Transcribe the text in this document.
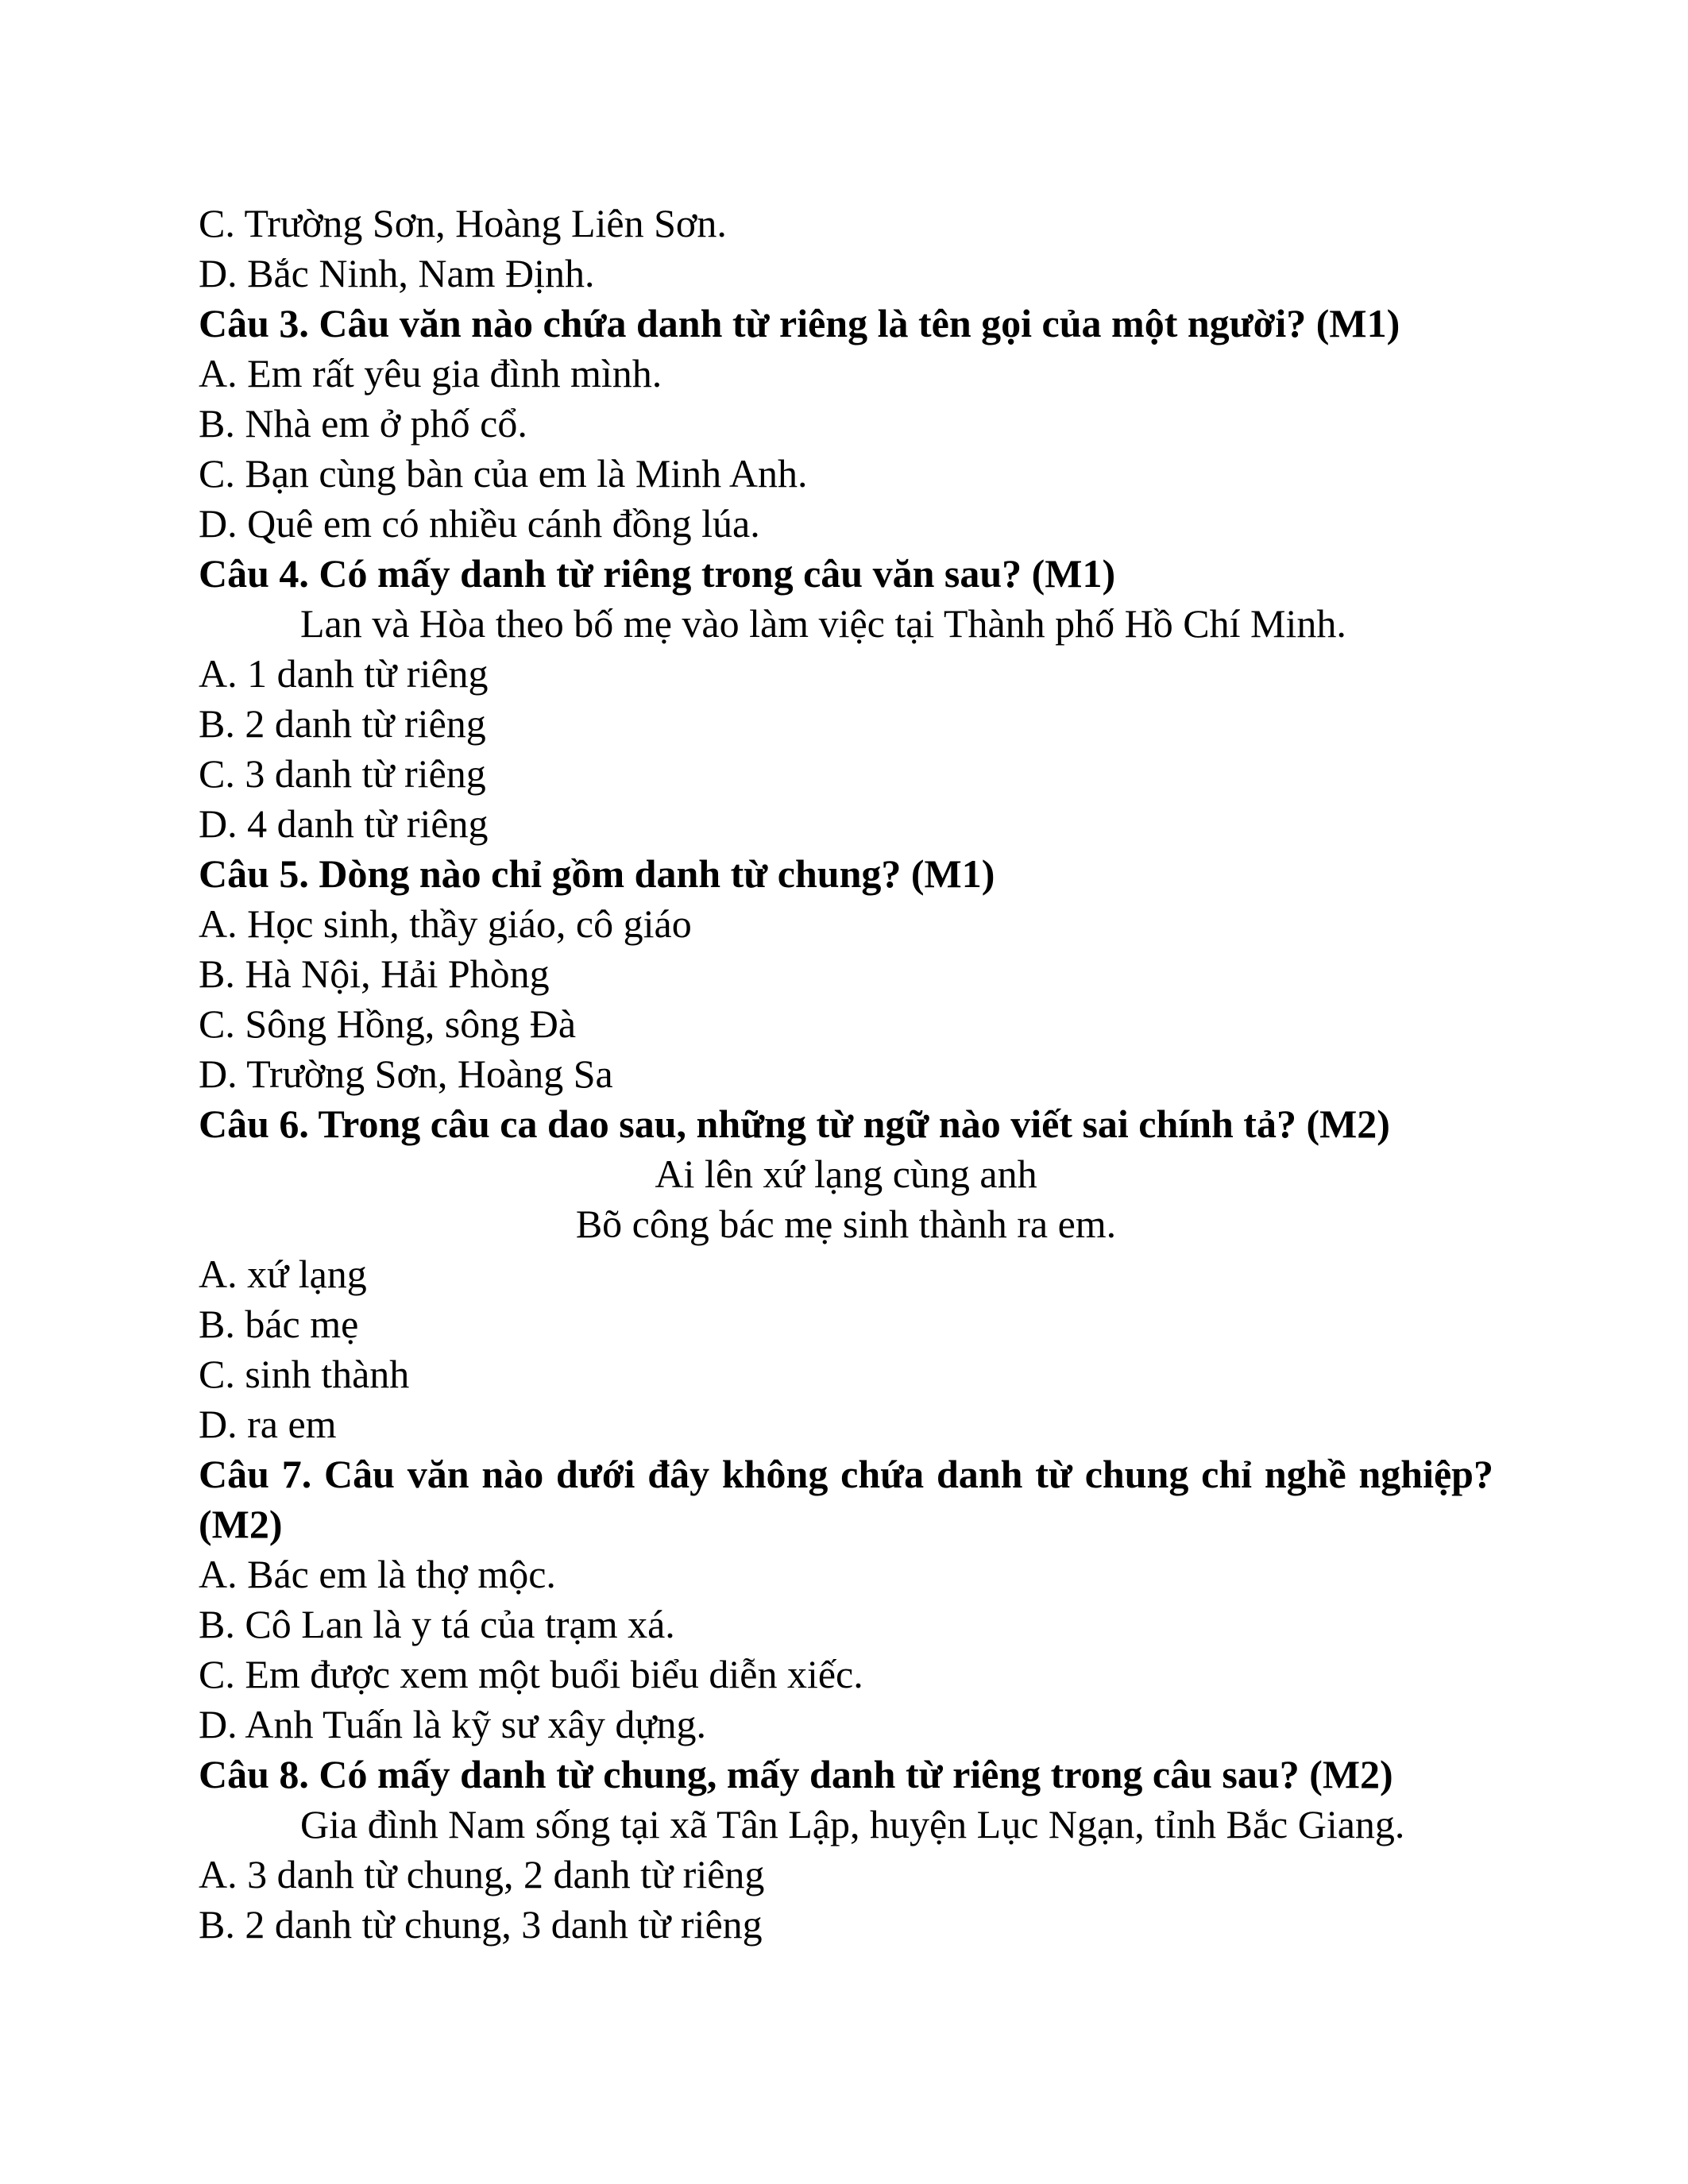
C. Trường Sơn, Hoàng Liên Sơn.

D. Bắc Ninh, Nam Định.

Câu 3. Câu văn nào chứa danh từ riêng là tên gọi của một người? (M1)

A. Em rất yêu gia đình mình.

B. Nhà em ở phố cổ.

C. Bạn cùng bàn của em là Minh Anh.

D. Quê em có nhiều cánh đồng lúa.

Câu 4. Có mấy danh từ riêng trong câu văn sau? (M1)

Lan và Hòa theo bố mẹ vào làm việc tại Thành phố Hồ Chí Minh.

A. 1 danh từ riêng

B. 2 danh từ riêng

C. 3 danh từ riêng

D. 4 danh từ riêng

Câu 5. Dòng nào chỉ gồm danh từ chung? (M1)

A. Học sinh, thầy giáo, cô giáo

B. Hà Nội, Hải Phòng

C. Sông Hồng, sông Đà

D. Trường Sơn, Hoàng Sa

Câu 6. Trong câu ca dao sau, những từ ngữ nào viết sai chính tả? (M2)

Ai lên xứ lạng cùng anh

Bõ công bác mẹ sinh thành ra em.

A. xứ lạng

B. bác mẹ

C. sinh thành

D. ra em

Câu 7. Câu văn nào dưới đây không chứa danh từ chung chỉ nghề nghiệp?

(M2)

A. Bác em là thợ mộc.

B. Cô Lan là y tá của trạm xá.

C. Em được xem một buổi biểu diễn xiếc.

D. Anh Tuấn là kỹ sư xây dựng.

Câu 8. Có mấy danh từ chung, mấy danh từ riêng trong câu sau? (M2)

Gia đình Nam sống tại xã Tân Lập, huyện Lục Ngạn, tỉnh Bắc Giang.

A. 3 danh từ chung, 2 danh từ riêng

B. 2 danh từ chung, 3 danh từ riêng
